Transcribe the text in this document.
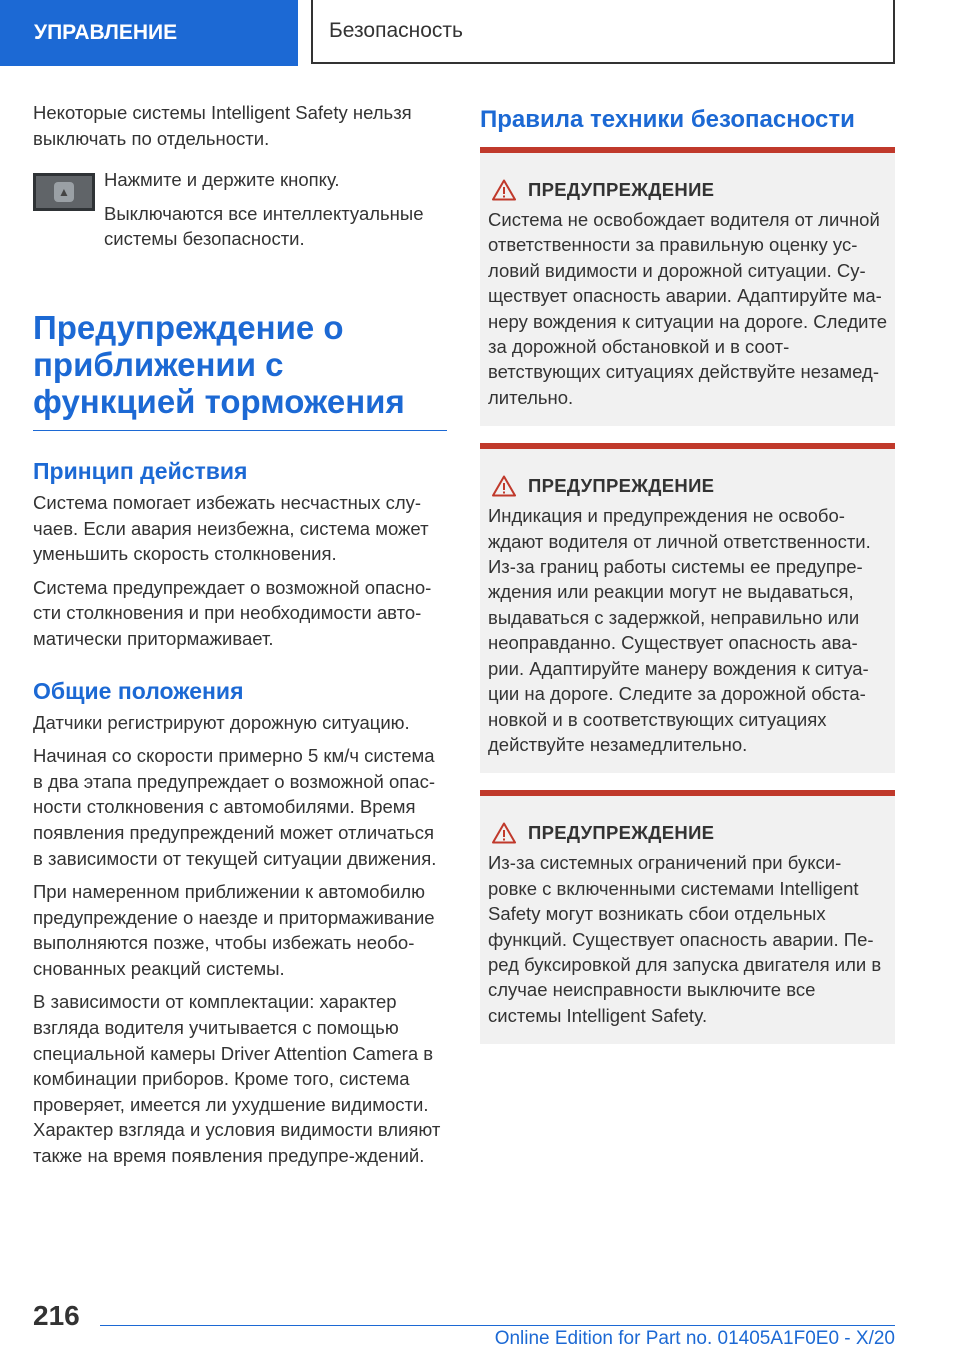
УПРАВЛЕНИЕ	Безопасность

Некоторые системы Intelligent Safety нельзя выключать по отдельности.

▲

Нажмите и держите кнопку.

Выключаются все интеллектуальные системы безопасности.

Предупреждение о приближении с функцией торможения
Принцип действия

Система помогает избежать несчастных слу-чаев. Если авария неизбежна, система может уменьшить скорость столкновения.

Система предупреждает о возможной опасно-сти столкновения и при необходимости авто-матически притормаживает.

Общие положения

Датчики регистрируют дорожную ситуацию.

Начиная со скорости примерно 5 км/ч система в два этапа предупреждает о возможной опас-ности столкновения с автомобилями. Время появления предупреждений может отличаться в зависимости от текущей ситуации движения.

При намеренном приближении к автомобилю предупреждение о наезде и притормаживание выполняются позже, чтобы избежать необо-снованных реакций системы.

В зависимости от комплектации: характер взгляда водителя учитывается с помощью специальной камеры Driver Attention Camera в комбинации приборов. Кроме того, система проверяет, имеется ли ухудшение видимости. Характер взгляда и условия видимости влияют также на время появления предупре-ждений.

Правила техники безопасности
ПРЕДУПРЕЖДЕНИЕ

Система не освобождает водителя от личной ответственности за правильную оценку ус-ловий видимости и дорожной ситуации. Су-ществует опасность аварии. Адаптируйте ма-неру вождения к ситуации на дороге. Следите за дорожной обстановкой и в соот-ветствующих ситуациях действуйте незамед-лительно.

ПРЕДУПРЕЖДЕНИЕ

Индикация и предупреждения не освобо-ждают водителя от личной ответственности. Из-за границ работы системы ее предупре-ждения или реакции могут не выдаваться, выдаваться с задержкой, неправильно или неоправданно. Существует опасность ава-рии. Адаптируйте манеру вождения к ситуа-ции на дороге. Следите за дорожной обста-новкой и в соответствующих ситуациях действуйте незамедлительно.

ПРЕДУПРЕЖДЕНИЕ

Из-за системных ограничений при букси-ровке с включенными системами Intelligent Safety могут возникать сбои отдельных функций. Существует опасность аварии. Пе-ред буксировкой для запуска двигателя или в случае неисправности выключите все системы Intelligent Safety.

216
Online Edition for Part no. 01405A1F0E0 - X/20
